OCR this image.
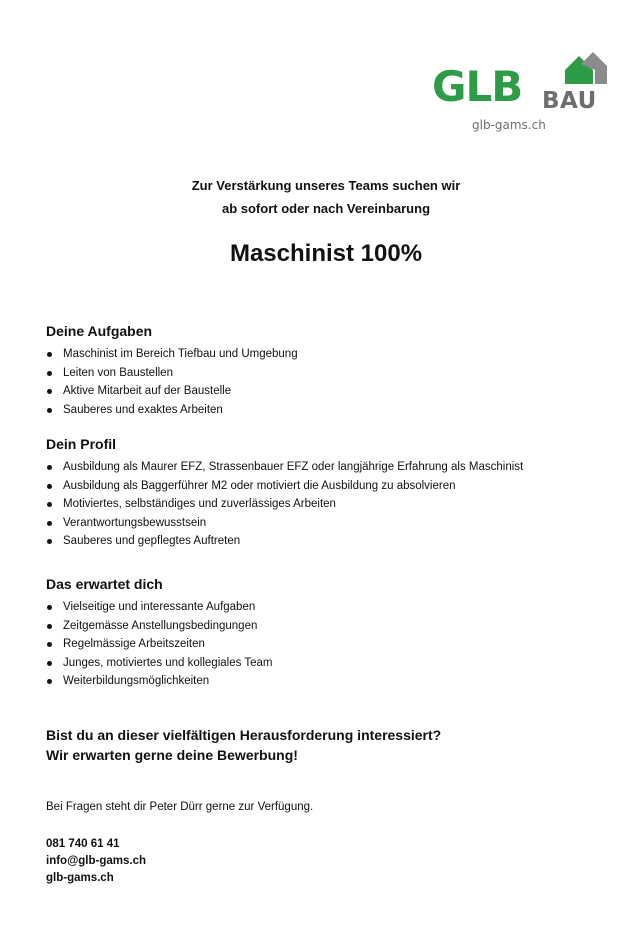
GLB BAU
glb-gams.ch
Zur Verstärkung unseres Teams suchen wir
ab sofort oder nach Vereinbarung
Maschinist 100%
Deine Aufgaben
Maschinist im Bereich Tiefbau und Umgebung
Leiten von Baustellen
Aktive Mitarbeit auf der Baustelle
Sauberes und exaktes Arbeiten
Dein Profil
Ausbildung als Maurer EFZ, Strassenbauer EFZ oder langjährige Erfahrung als Maschinist
Ausbildung als Baggerführer M2 oder motiviert die Ausbildung zu absolvieren
Motiviertes, selbständiges und zuverlässiges Arbeiten
Verantwortungsbewusstsein
Sauberes und gepflegtes Auftreten
Das erwartet dich
Vielseitige und interessante Aufgaben
Zeitgemässe Anstellungsbedingungen
Regelmässige Arbeitszeiten
Junges, motiviertes und kollegiales Team
Weiterbildungsmöglichkeiten
Bist du an dieser vielfältigen Herausforderung interessiert?
Wir erwarten gerne deine Bewerbung!
Bei Fragen steht dir Peter Dürr gerne zur Verfügung.
081 740 61 41
info@glb-gams.ch
glb-gams.ch
